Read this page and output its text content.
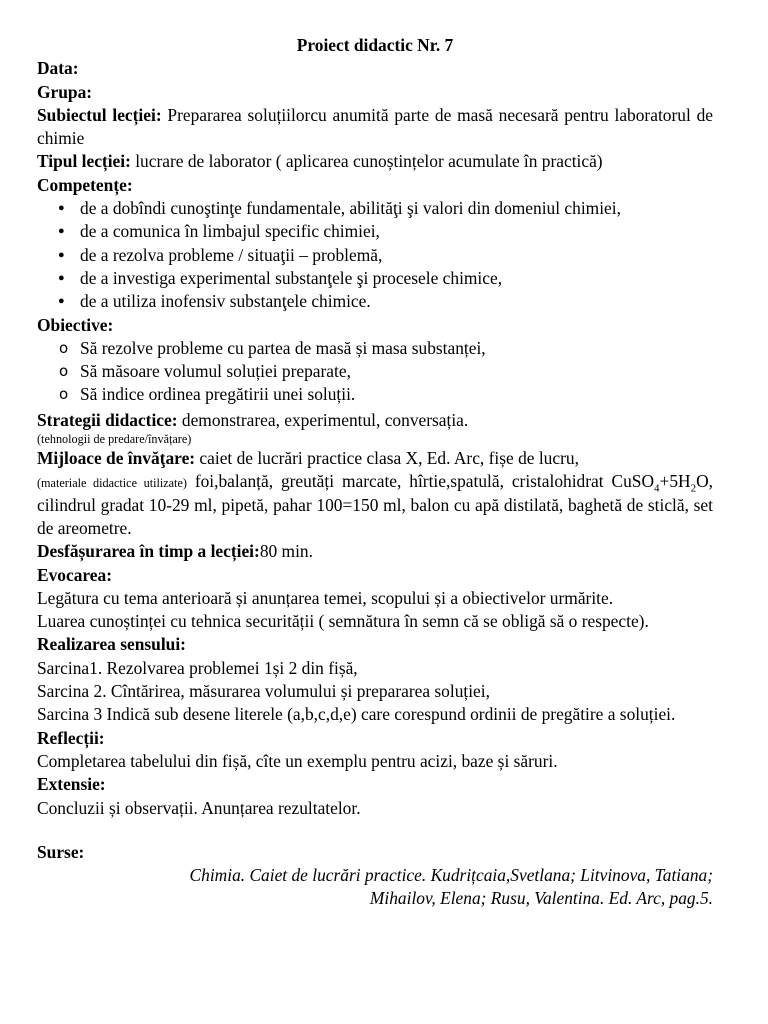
Proiect didactic Nr. 7

Data:

Grupa:

Subiectul lecției: Prepararea soluțiilorcu anumită parte de masă necesară pentru laboratorul de chimie

Tipul lecției: lucrare de laborator ( aplicarea cunoștințelor acumulate în practică)

Competențe:

● de a dobîndi cunoştinţe fundamentale, abilităţi şi valori din domeniul chimiei,
● de a comunica în limbajul specific chimiei,
● de a rezolva probleme / situaţii – problemă,
● de a investiga experimental substanţele şi procesele chimice,
● de a utiliza inofensiv substanţele chimice.

Obiective:

o Să rezolve probleme cu partea de masă și masa substanței,
o Să măsoare volumul soluției preparate,
o Să indice ordinea pregătirii unei soluții.

Strategii didactice: demonstrarea, experimentul, conversația.

(tehnologii de predare/învățare)

Mijloace de învăţare: caiet de lucrări practice clasa X, Ed. Arc, fișe de lucru,
(materiale didactice utilizate) foi,balanță, greutăți marcate, hîrtie,spatulă, cristalohidrat $CuSO_4+5H_2O$, cilindrul gradat 10-29 ml, pipetă, pahar 100=150 ml, balon cu apă distilată, baghetă de sticlă, set de areometre.

Desfășurarea în timp a lecției:80 min.

Evocarea:

Legătura cu tema anterioară și anunțarea temei, scopului și a obiectivelor urmărite.

Luarea cunoștinței cu tehnica securității ( semnătura în semn că se obligă să o respecte).

Realizarea sensului:

Sarcina1. Rezolvarea problemei 1și 2 din fișă,

Sarcina 2. Cîntărirea, măsurarea volumului și prepararea soluției,

Sarcina 3 Indică sub desene literele (a,b,c,d,e) care corespund ordinii de pregătire a soluției.

Reflecții:

Completarea tabelului din fișă, cîte un exemplu pentru acizi, baze și săruri.

Extensie:

Concluzii și observații. Anunțarea rezultatelor.

Surse:

Chimia. Caiet de lucrări practice. Kudrițcaia,Svetlana; Litvinova, Tatiana;

Mihailov, Elena; Rusu, Valentina. Ed. Arc, pag.5.
